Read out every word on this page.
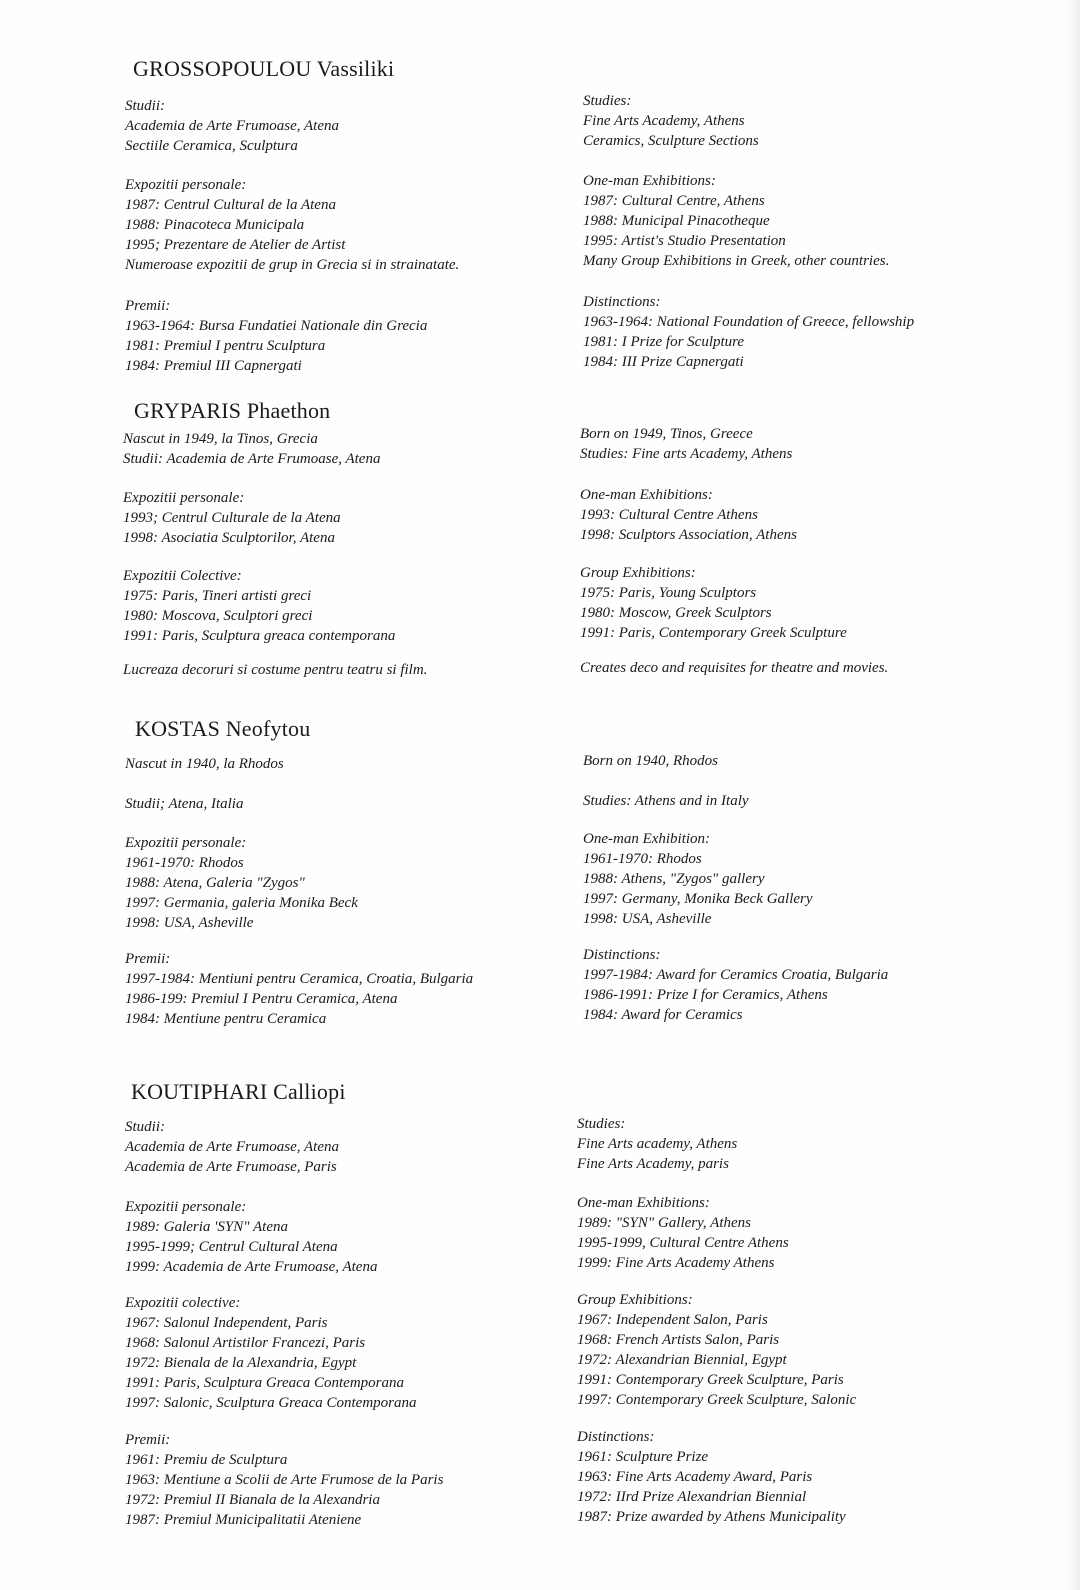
GROSSOPOULOU Vassiliki
Studii:
Academia de Arte Frumoase, Atena
Sectiile Ceramica, Sculptura
Expozitii personale:
1987: Centrul Cultural de la Atena
1988: Pinacoteca Municipala
1995; Prezentare de Atelier de Artist
Numeroase expozitii de grup in Grecia si in strainatate.
Premii:
1963-1964: Bursa Fundatiei Nationale din Grecia
1981: Premiul I pentru Sculptura
1984: Premiul III Capnergati
Studies:
Fine Arts Academy, Athens
Ceramics, Sculpture Sections
One-man Exhibitions:
1987: Cultural Centre, Athens
1988: Municipal Pinacotheque
1995: Artist's Studio Presentation
Many Group Exhibitions in Greek, other countries.
Distinctions:
1963-1964: National Foundation of Greece, fellowship
1981: I Prize for Sculpture
1984: III Prize Capnergati
GRYPARIS Phaethon
Nascut in 1949, la Tinos, Grecia
Studii: Academia de Arte Frumoase, Atena
Expozitii personale:
1993; Centrul Culturale de la Atena
1998: Asociatia Sculptorilor, Atena
Expozitii Colective:
1975: Paris, Tineri artisti greci
1980: Moscova, Sculptori greci
1991: Paris, Sculptura greaca contemporana
Lucreaza decoruri si costume pentru teatru si film.
Born on 1949, Tinos, Greece
Studies: Fine arts Academy, Athens
One-man Exhibitions:
1993: Cultural Centre Athens
1998: Sculptors Association, Athens
Group Exhibitions:
1975: Paris, Young Sculptors
1980: Moscow, Greek Sculptors
1991: Paris, Contemporary Greek Sculpture
Creates deco and requisites for theatre and movies.
KOSTAS Neofytou
Nascut in 1940, la Rhodos
Studii; Atena, Italia
Expozitii personale:
1961-1970: Rhodos
1988: Atena, Galeria "Zygos"
1997: Germania, galeria Monika Beck
1998: USA, Asheville
Premii:
1997-1984: Mentiuni pentru Ceramica, Croatia, Bulgaria
1986-199: Premiul I Pentru Ceramica, Atena
1984: Mentiune pentru Ceramica
Born on 1940, Rhodos
Studies: Athens and in Italy
One-man Exhibition:
1961-1970: Rhodos
1988: Athens, "Zygos" gallery
1997: Germany, Monika Beck Gallery
1998: USA, Asheville
Distinctions:
1997-1984: Award for Ceramics Croatia, Bulgaria
1986-1991: Prize I for Ceramics, Athens
1984: Award for Ceramics
KOUTIPHARI Calliopi
Studii:
Academia de Arte Frumoase, Atena
Academia de Arte Frumoase, Paris
Expozitii personale:
1989: Galeria 'SYN" Atena
1995-1999; Centrul Cultural Atena
1999: Academia de Arte Frumoase, Atena
Expozitii colective:
1967: Salonul Independent, Paris
1968: Salonul Artistilor Francezi, Paris
1972: Bienala de la Alexandria, Egypt
1991: Paris, Sculptura Greaca Contemporana
1997: Salonic, Sculptura Greaca Contemporana
Premii:
1961: Premiu de Sculptura
1963: Mentiune a Scolii de Arte Frumose de la Paris
1972: Premiul II Bianala de la Alexandria
1987: Premiul Municipalitatii Ateniene
Studies:
Fine Arts academy, Athens
Fine Arts Academy, paris
One-man Exhibitions:
1989: "SYN" Gallery, Athens
1995-1999, Cultural Centre Athens
1999: Fine Arts Academy Athens
Group Exhibitions:
1967: Independent Salon, Paris
1968: French Artists Salon, Paris
1972: Alexandrian Biennial, Egypt
1991: Contemporary Greek Sculpture, Paris
1997: Contemporary Greek Sculpture, Salonic
Distinctions:
1961: Sculpture Prize
1963: Fine Arts Academy Award, Paris
1972: IIrd Prize Alexandrian Biennial
1987: Prize awarded by Athens Municipality
